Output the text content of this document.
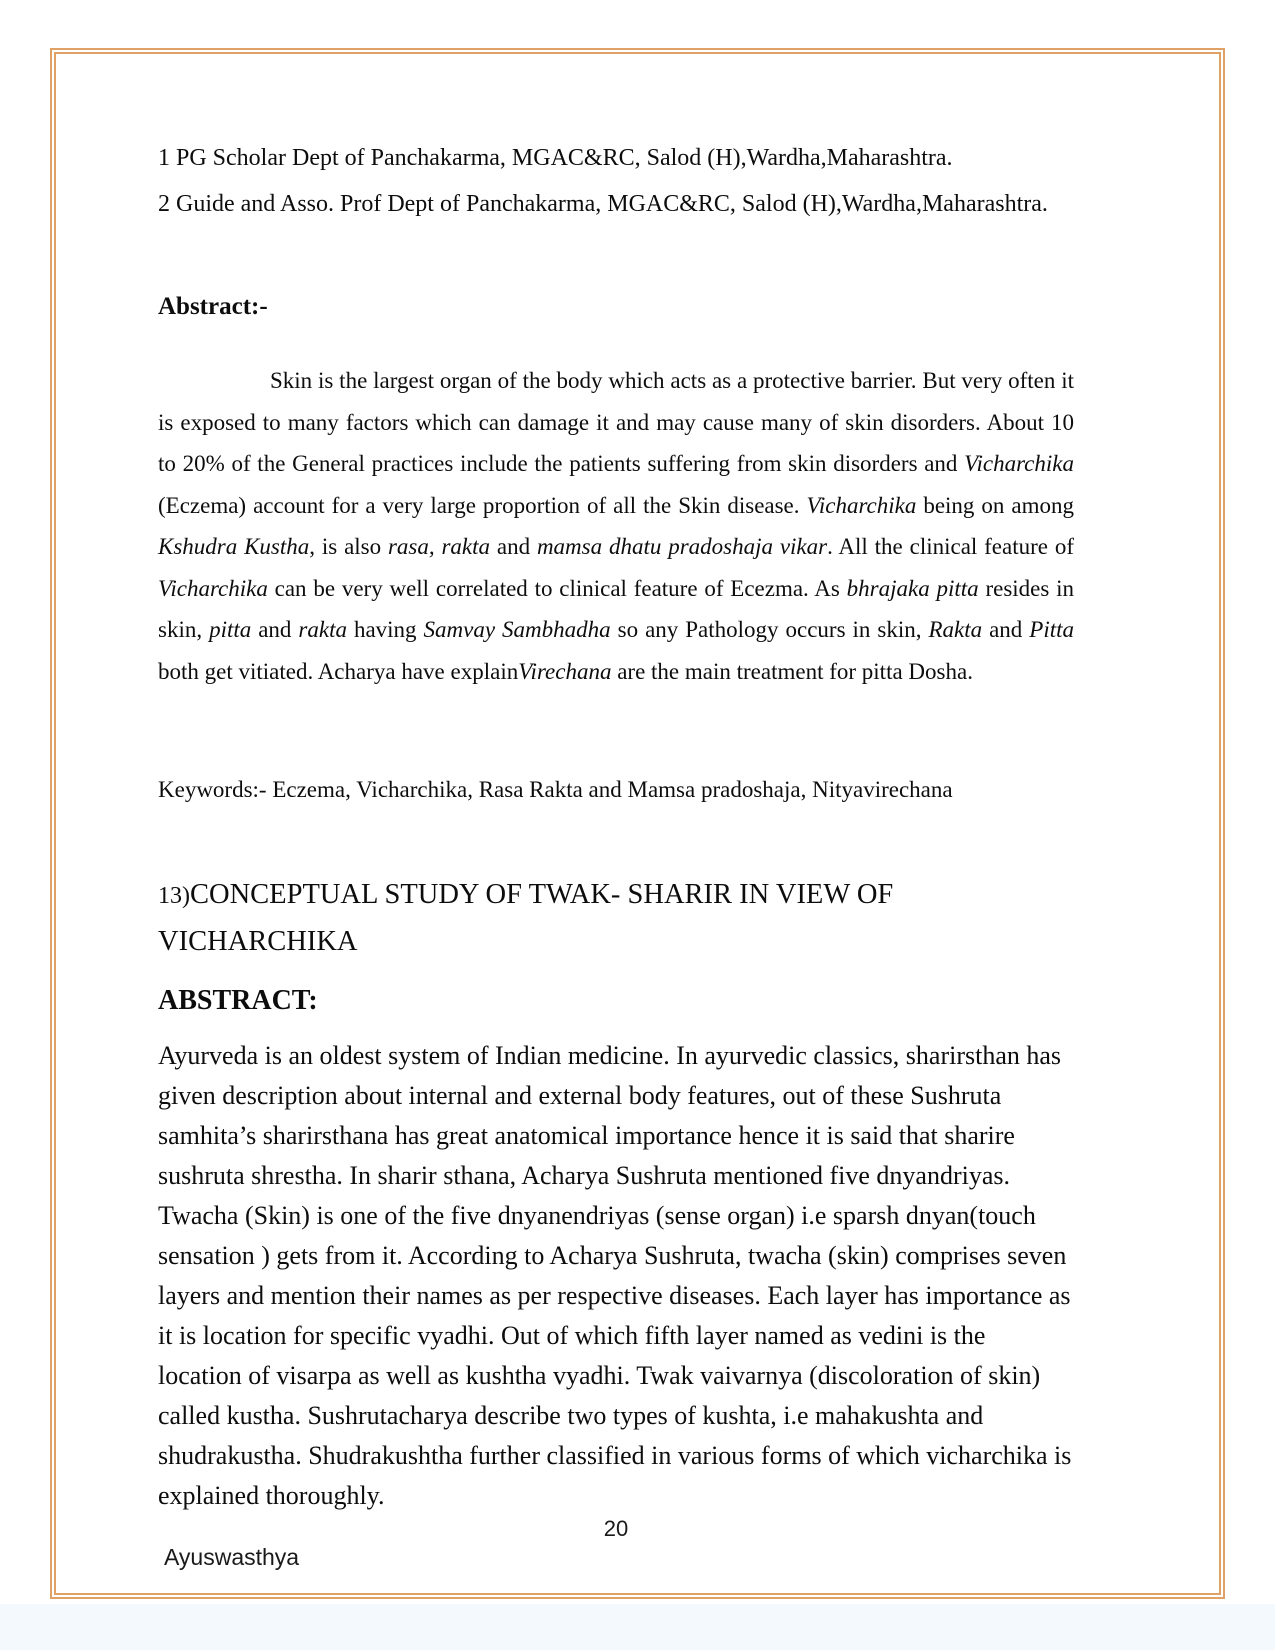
1 PG Scholar Dept of Panchakarma, MGAC&RC, Salod (H),Wardha,Maharashtra.
2 Guide and Asso. Prof Dept of Panchakarma, MGAC&RC, Salod (H),Wardha,Maharashtra.
Abstract:-
Skin is the largest organ of the body which acts as a protective barrier. But very often it is exposed to many factors which can damage it and may cause many of skin disorders. About 10 to 20% of the General practices include the patients suffering from skin disorders and Vicharchika (Eczema) account for a very large proportion of all the Skin disease. Vicharchika being on among Kshudra Kustha, is also rasa, rakta and mamsa dhatu pradoshaja vikar. All the clinical feature of Vicharchika can be very well correlated to clinical feature of Ecezma. As bhrajaka pitta resides in skin, pitta and rakta having Samvay Sambhadha so any Pathology occurs in skin, Rakta and Pitta both get vitiated. Acharya have explainVirechana are the main treatment for pitta Dosha.
Keywords:- Eczema, Vicharchika, Rasa Rakta and Mamsa pradoshaja, Nityavirechana
13)CONCEPTUAL STUDY OF TWAK- SHARIR IN VIEW OF VICHARCHIKA
ABSTRACT:
Ayurveda is an oldest system of Indian medicine. In ayurvedic classics, sharirsthan has given description about internal and external body features, out of these Sushruta samhita’s sharirsthana has great anatomical importance hence it is said that sharire sushruta shrestha. In sharir sthana, Acharya Sushruta mentioned five dnyandriyas. Twacha (Skin) is one of the five dnyanendriyas (sense organ) i.e sparsh dnyan(touch sensation ) gets from it. According to Acharya Sushruta, twacha (skin) comprises seven layers and mention their names as per respective diseases. Each layer has importance as it is location for specific vyadhi. Out of which fifth layer named as vedini is the location of visarpa as well as kushtha vyadhi. Twak vaivarnya (discoloration of skin) called kustha. Sushrutacharya describe two types of kushta, i.e mahakushta and shudrakustha. Shudrakushtha further classified in various forms of which vicharchika is explained thoroughly.
20
Ayuswasthya
